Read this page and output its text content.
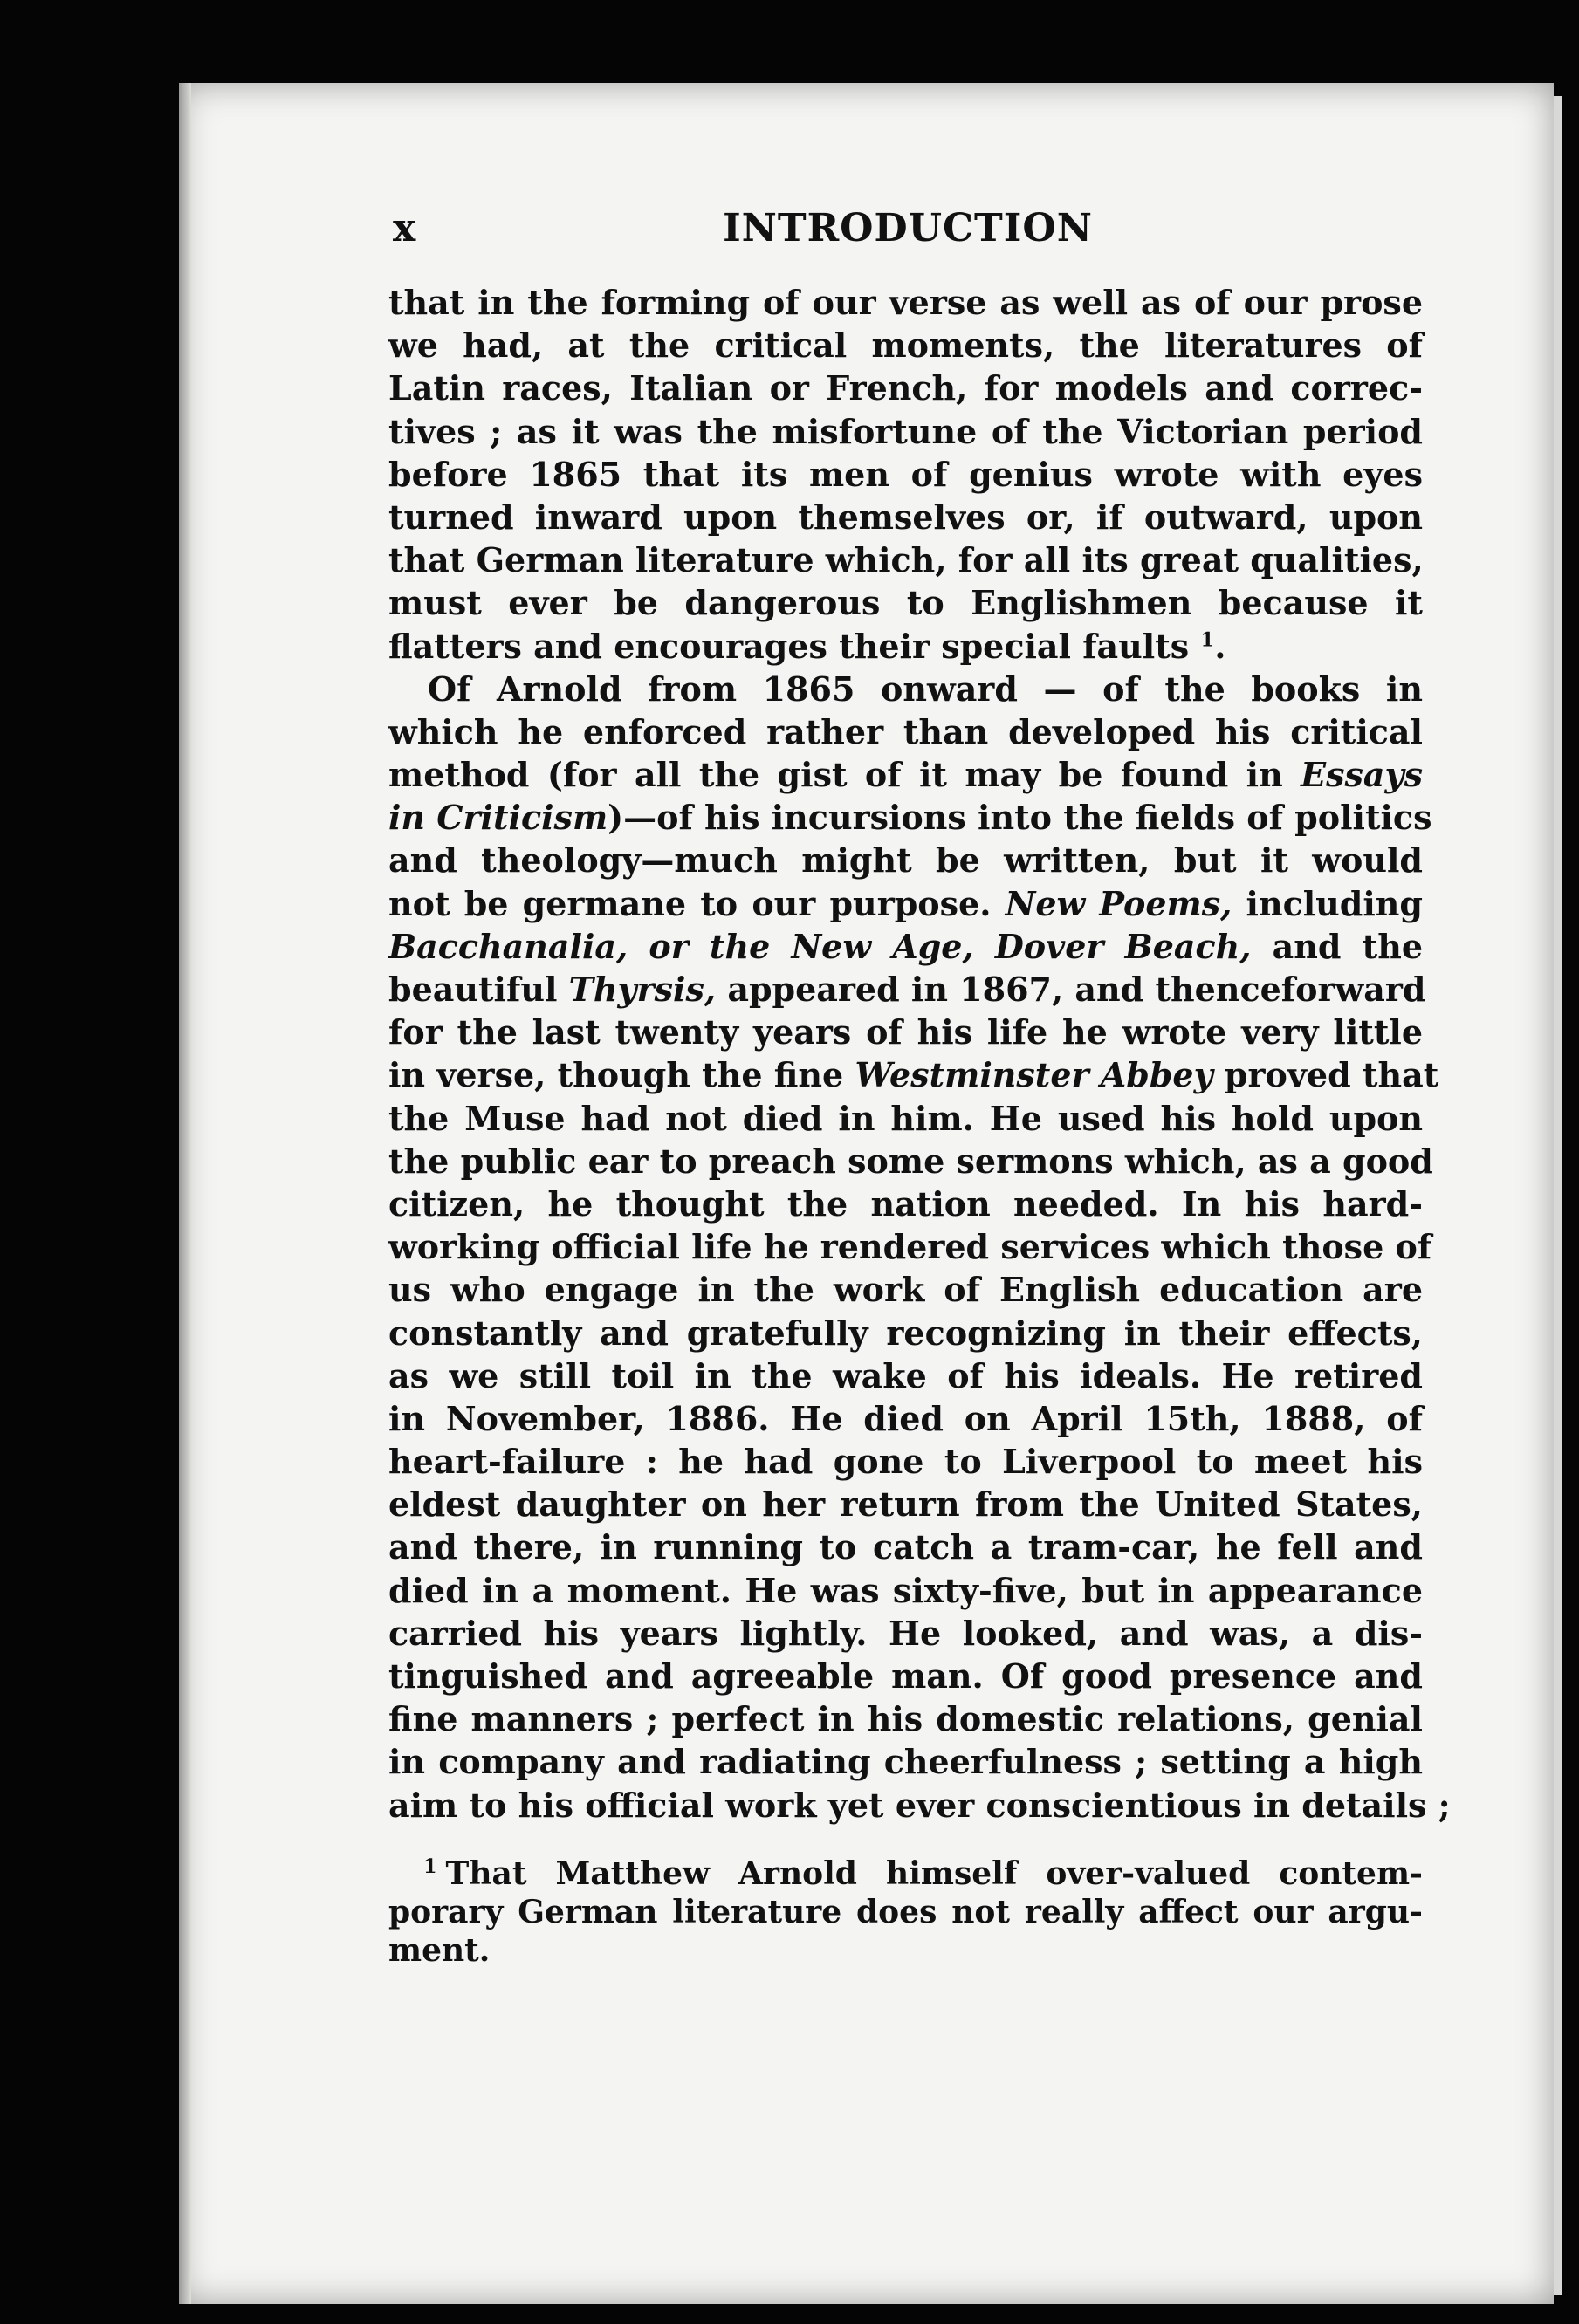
x	INTRODUCTION
that in the forming of our verse as well as of our prose
we had, at the critical moments, the literatures of
Latin races, Italian or French, for models and correc-
tives ; as it was the misfortune of the Victorian period
before 1865 that its men of genius wrote with eyes
turned inward upon themselves or, if outward, upon
that German literature which, for all its great qualities,
must ever be dangerous to Englishmen because it
flatters and encourages their special faults $^1$.
Of Arnold from 1865 onward — of the books in
which he enforced rather than developed his critical
method (for all the gist of it may be found in Essays
in Criticism)—of his incursions into the fields of politics
and theology—much might be written, but it would
not be germane to our purpose. New Poems, including
Bacchanalia, or the New Age, Dover Beach, and the
beautiful Thyrsis, appeared in 1867, and thenceforward
for the last twenty years of his life he wrote very little
in verse, though the fine Westminster Abbey proved that
the Muse had not died in him. He used his hold upon
the public ear to preach some sermons which, as a good
citizen, he thought the nation needed. In his hard-
working official life he rendered services which those of
us who engage in the work of English education are
constantly and gratefully recognizing in their effects,
as we still toil in the wake of his ideals. He retired
in November, 1886. He died on April 15th, 1888, of
heart-failure : he had gone to Liverpool to meet his
eldest daughter on her return from the United States,
and there, in running to catch a tram-car, he fell and
died in a moment. He was sixty-five, but in appearance
carried his years lightly. He looked, and was, a dis-
tinguished and agreeable man. Of good presence and
fine manners ; perfect in his domestic relations, genial
in company and radiating cheerfulness ; setting a high
aim to his official work yet ever conscientious in details ;
$^1$ That Matthew Arnold himself over-valued contem-
porary German literature does not really affect our argu-
ment.
